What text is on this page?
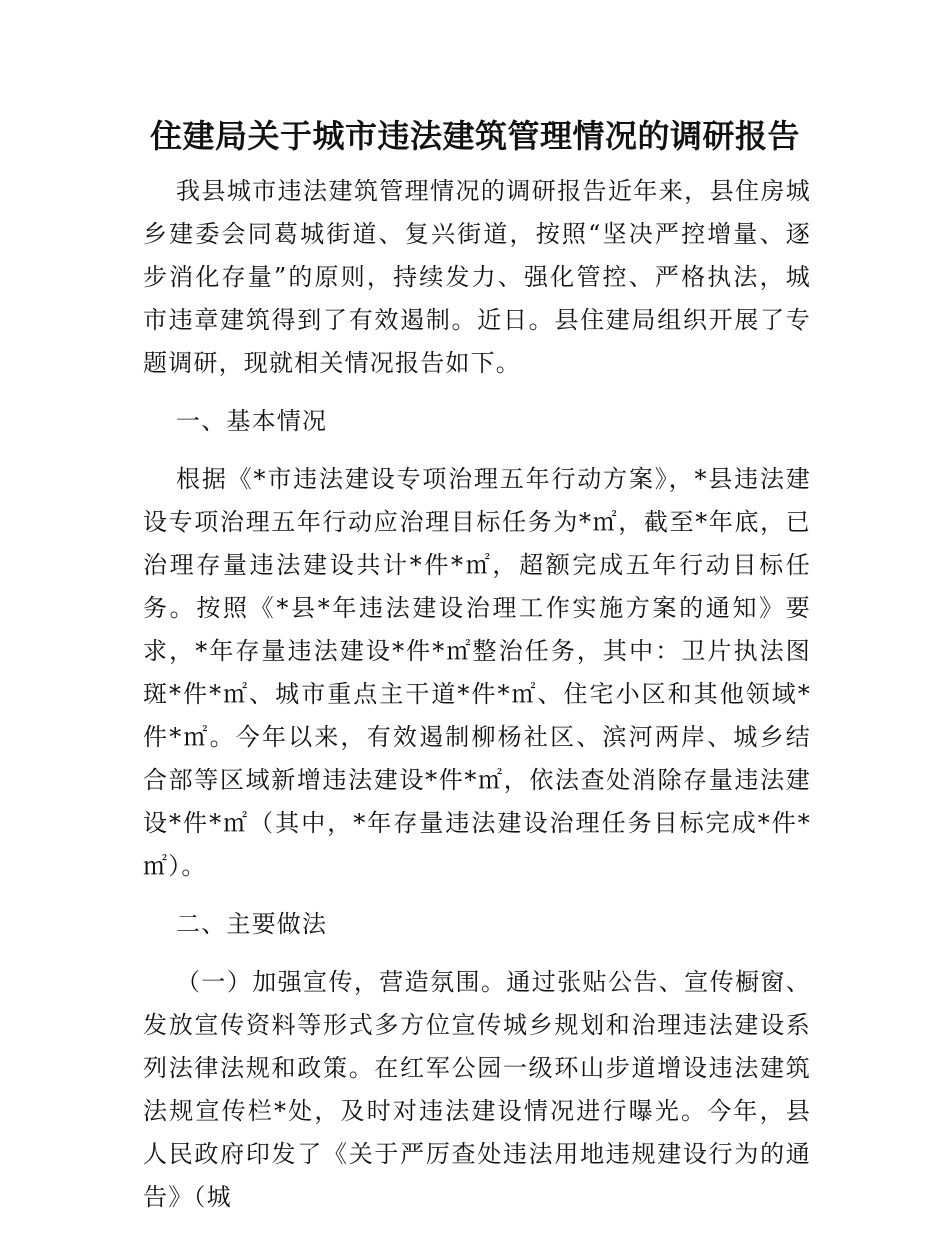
住建局关于城市违法建筑管理情况的调研报告

我县城市违法建筑管理情况的调研报告近年来，县住房城乡建委会同葛城街道、复兴街道，按照“坚决严控增量、逐步消化存量”的原则，持续发力、强化管控、严格执法，城市违章建筑得到了有效遏制。近日。县住建局组织开展了专题调研，现就相关情况报告如下。

一、基本情况

根据《*市违法建设专项治理五年行动方案》，*县违法建设专项治理五年行动应治理目标任务为*㎡，截至*年底，已治理存量违法建设共计*件*㎡，超额完成五年行动目标任务。按照《*县*年违法建设治理工作实施方案的通知》要求，*年存量违法建设*件*㎡整治任务，其中：卫片执法图斑*件*㎡、城市重点主干道*件*㎡、住宅小区和其他领域*件*㎡。今年以来，有效遏制柳杨社区、滨河两岸、城乡结合部等区域新增违法建设*件*㎡，依法查处消除存量违法建设*件*㎡（其中，*年存量违法建设治理任务目标完成*件*㎡）。

二、主要做法

（一）加强宣传，营造氛围。通过张贴公告、宣传橱窗、发放宣传资料等形式多方位宣传城乡规划和治理违法建设系列法律法规和政策。在红军公园一级环山步道增设违法建筑法规宣传栏*处，及时对违法建设情况进行曝光。今年，县人民政府印发了《关于严厉查处违法用地违规建设行为的通告》（城
